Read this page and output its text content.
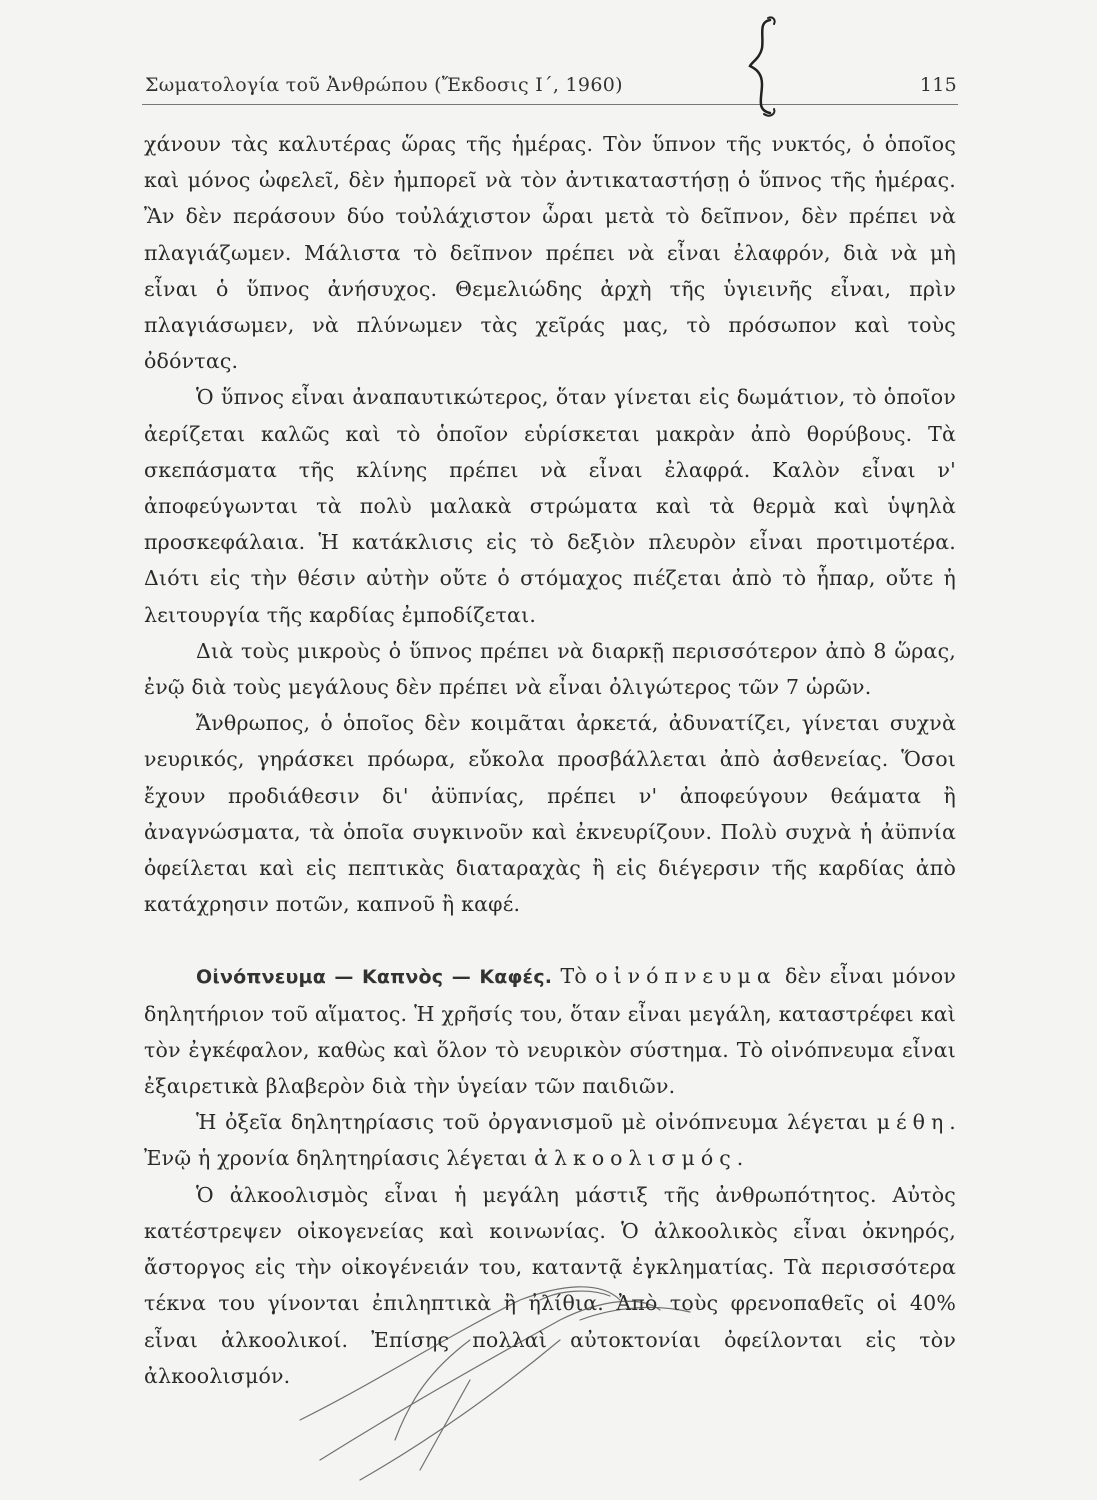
Σωματολογία τοῦ Ἀνθρώπου (Ἔκδοσις Ι΄, 1960)	115

χάνουν τὰς καλυτέρας ὥρας τῆς ἡμέρας. Τὸν ὕπνον τῆς νυκτός, ὁ ὁποῖος καὶ μόνος ὠφελεῖ, δὲν ἠμπορεῖ νὰ τὸν ἀντικαταστήσῃ ὁ ὕπνος τῆς ἡμέρας. Ἂν δὲν περάσουν δύο τοὐλάχιστον ὧραι μετὰ τὸ δεῖπνον, δὲν πρέπει νὰ πλαγιάζωμεν. Μάλιστα τὸ δεῖπνον πρέπει νὰ εἶναι ἐλαφρόν, διὰ νὰ μὴ εἶναι ὁ ὕπνος ἀνήσυχος. Θεμελιώδης ἀρχὴ τῆς ὑγιεινῆς εἶναι, πρὶν πλαγιάσωμεν, νὰ πλύνωμεν τὰς χεῖράς μας, τὸ πρόσωπον καὶ τοὺς ὀδόντας.

Ὁ ὕπνος εἶναι ἀναπαυτικώτερος, ὅταν γίνεται εἰς δωμάτιον, τὸ ὁποῖον ἀερίζεται καλῶς καὶ τὸ ὁποῖον εὑρίσκεται μακρὰν ἀπὸ θορύβους. Τὰ σκεπάσματα τῆς κλίνης πρέπει νὰ εἶναι ἐλαφρά. Καλὸν εἶναι ν' ἀποφεύγωνται τὰ πολὺ μαλακὰ στρώματα καὶ τὰ θερμὰ καὶ ὑψηλὰ προσκεφάλαια. Ἡ κατάκλισις εἰς τὸ δεξιὸν πλευρὸν εἶναι προτιμοτέρα. Διότι εἰς τὴν θέσιν αὐτὴν οὔτε ὁ στόμαχος πιέζεται ἀπὸ τὸ ἧπαρ, οὔτε ἡ λειτουργία τῆς καρδίας ἐμποδίζεται.

Διὰ τοὺς μικροὺς ὁ ὕπνος πρέπει νὰ διαρκῇ περισσότερον ἀπὸ 8 ὥρας, ἐνῷ διὰ τοὺς μεγάλους δὲν πρέπει νὰ εἶναι ὀλιγώτερος τῶν 7 ὡρῶν.

Ἄνθρωπος, ὁ ὁποῖος δὲν κοιμᾶται ἀρκετά, ἀδυνατίζει, γίνεται συχνὰ νευρικός, γηράσκει πρόωρα, εὔκολα προσβάλλεται ἀπὸ ἀσθενείας. Ὅσοι ἔχουν προδιάθεσιν δι' ἀϋπνίας, πρέπει ν' ἀποφεύγουν θεάματα ἢ ἀναγνώσματα, τὰ ὁποῖα συγκινοῦν καὶ ἐκνευρίζουν. Πολὺ συχνὰ ἡ ἀϋπνία ὀφείλεται καὶ εἰς πεπτικὰς διαταραχὰς ἢ εἰς διέγερσιν τῆς καρδίας ἀπὸ κατάχρησιν ποτῶν, καπνοῦ ἢ καφέ.

Οἰνόπνευμα — Καπνὸς — Καφές. Τὸ οἰνόπνευμα δὲν εἶναι μόνον δηλητήριον τοῦ αἵματος. Ἡ χρῆσίς του, ὅταν εἶναι μεγάλη, καταστρέφει καὶ τὸν ἐγκέφαλον, καθὼς καὶ ὅλον τὸ νευρικὸν σύστημα. Τὸ οἰνόπνευμα εἶναι ἐξαιρετικὰ βλαβερὸν διὰ τὴν ὑγείαν τῶν παιδιῶν.

Ἡ ὀξεῖα δηλητηρίασις τοῦ ὀργανισμοῦ μὲ οἰνόπνευμα λέγεται μέθη. Ἐνῷ ἡ χρονία δηλητηρίασις λέγεται ἀλκοολισμός.

Ὁ ἀλκοολισμὸς εἶναι ἡ μεγάλη μάστιξ τῆς ἀνθρωπότητος. Αὐτὸς κατέστρεψεν οἰκογενείας καὶ κοινωνίας. Ὁ ἀλκοολικὸς εἶναι ὀκνηρός, ἄστοργος εἰς τὴν οἰκογένειάν του, καταντᾷ ἐγκληματίας. Τὰ περισσότερα τέκνα του γίνονται ἐπιληπτικὰ ἢ ἠλίθια. Ἀπὸ τοὺς φρενοπαθεῖς οἱ 40% εἶναι ἀλκοολικοί. Ἐπίσης πολλαὶ αὐτοκτονίαι ὀφείλονται εἰς τὸν ἀλκοολισμόν.
